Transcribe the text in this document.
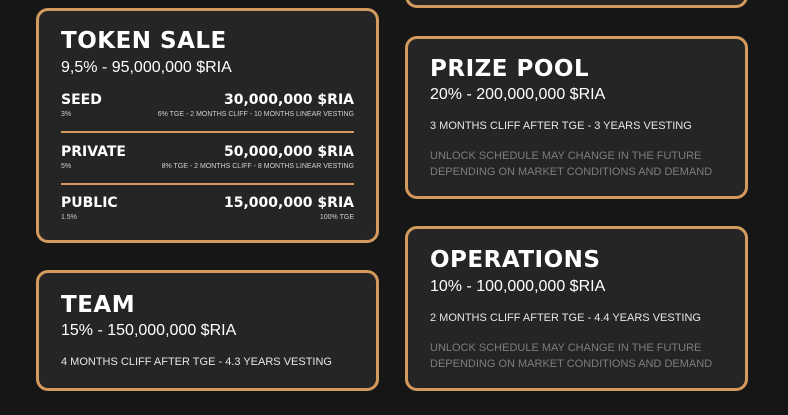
TOKEN SALE
9,5% - 95,000,000 $RIA
SEED
3%
30,000,000 $RIA
6% TGE - 2 MONTHS CLIFF - 10 MONTHS LINEAR VESTING
PRIVATE
5%
50,000,000 $RIA
8% TGE - 2 MONTHS CLIFF - 8 MONTHS LINEAR VESTING
PUBLIC
1.5%
15,000,000 $RIA
100% TGE
TEAM
15% - 150,000,000 $RIA
4 MONTHS CLIFF AFTER TGE - 4.3 YEARS VESTING
PRIZE POOL
20% - 200,000,000 $RIA
3 MONTHS CLIFF AFTER TGE - 3 YEARS VESTING
UNLOCK SCHEDULE MAY CHANGE IN THE FUTURE DEPENDING ON MARKET CONDITIONS AND DEMAND
OPERATIONS
10% - 100,000,000 $RIA
2 MONTHS CLIFF AFTER TGE - 4.4 YEARS VESTING
UNLOCK SCHEDULE MAY CHANGE IN THE FUTURE DEPENDING ON MARKET CONDITIONS AND DEMAND
